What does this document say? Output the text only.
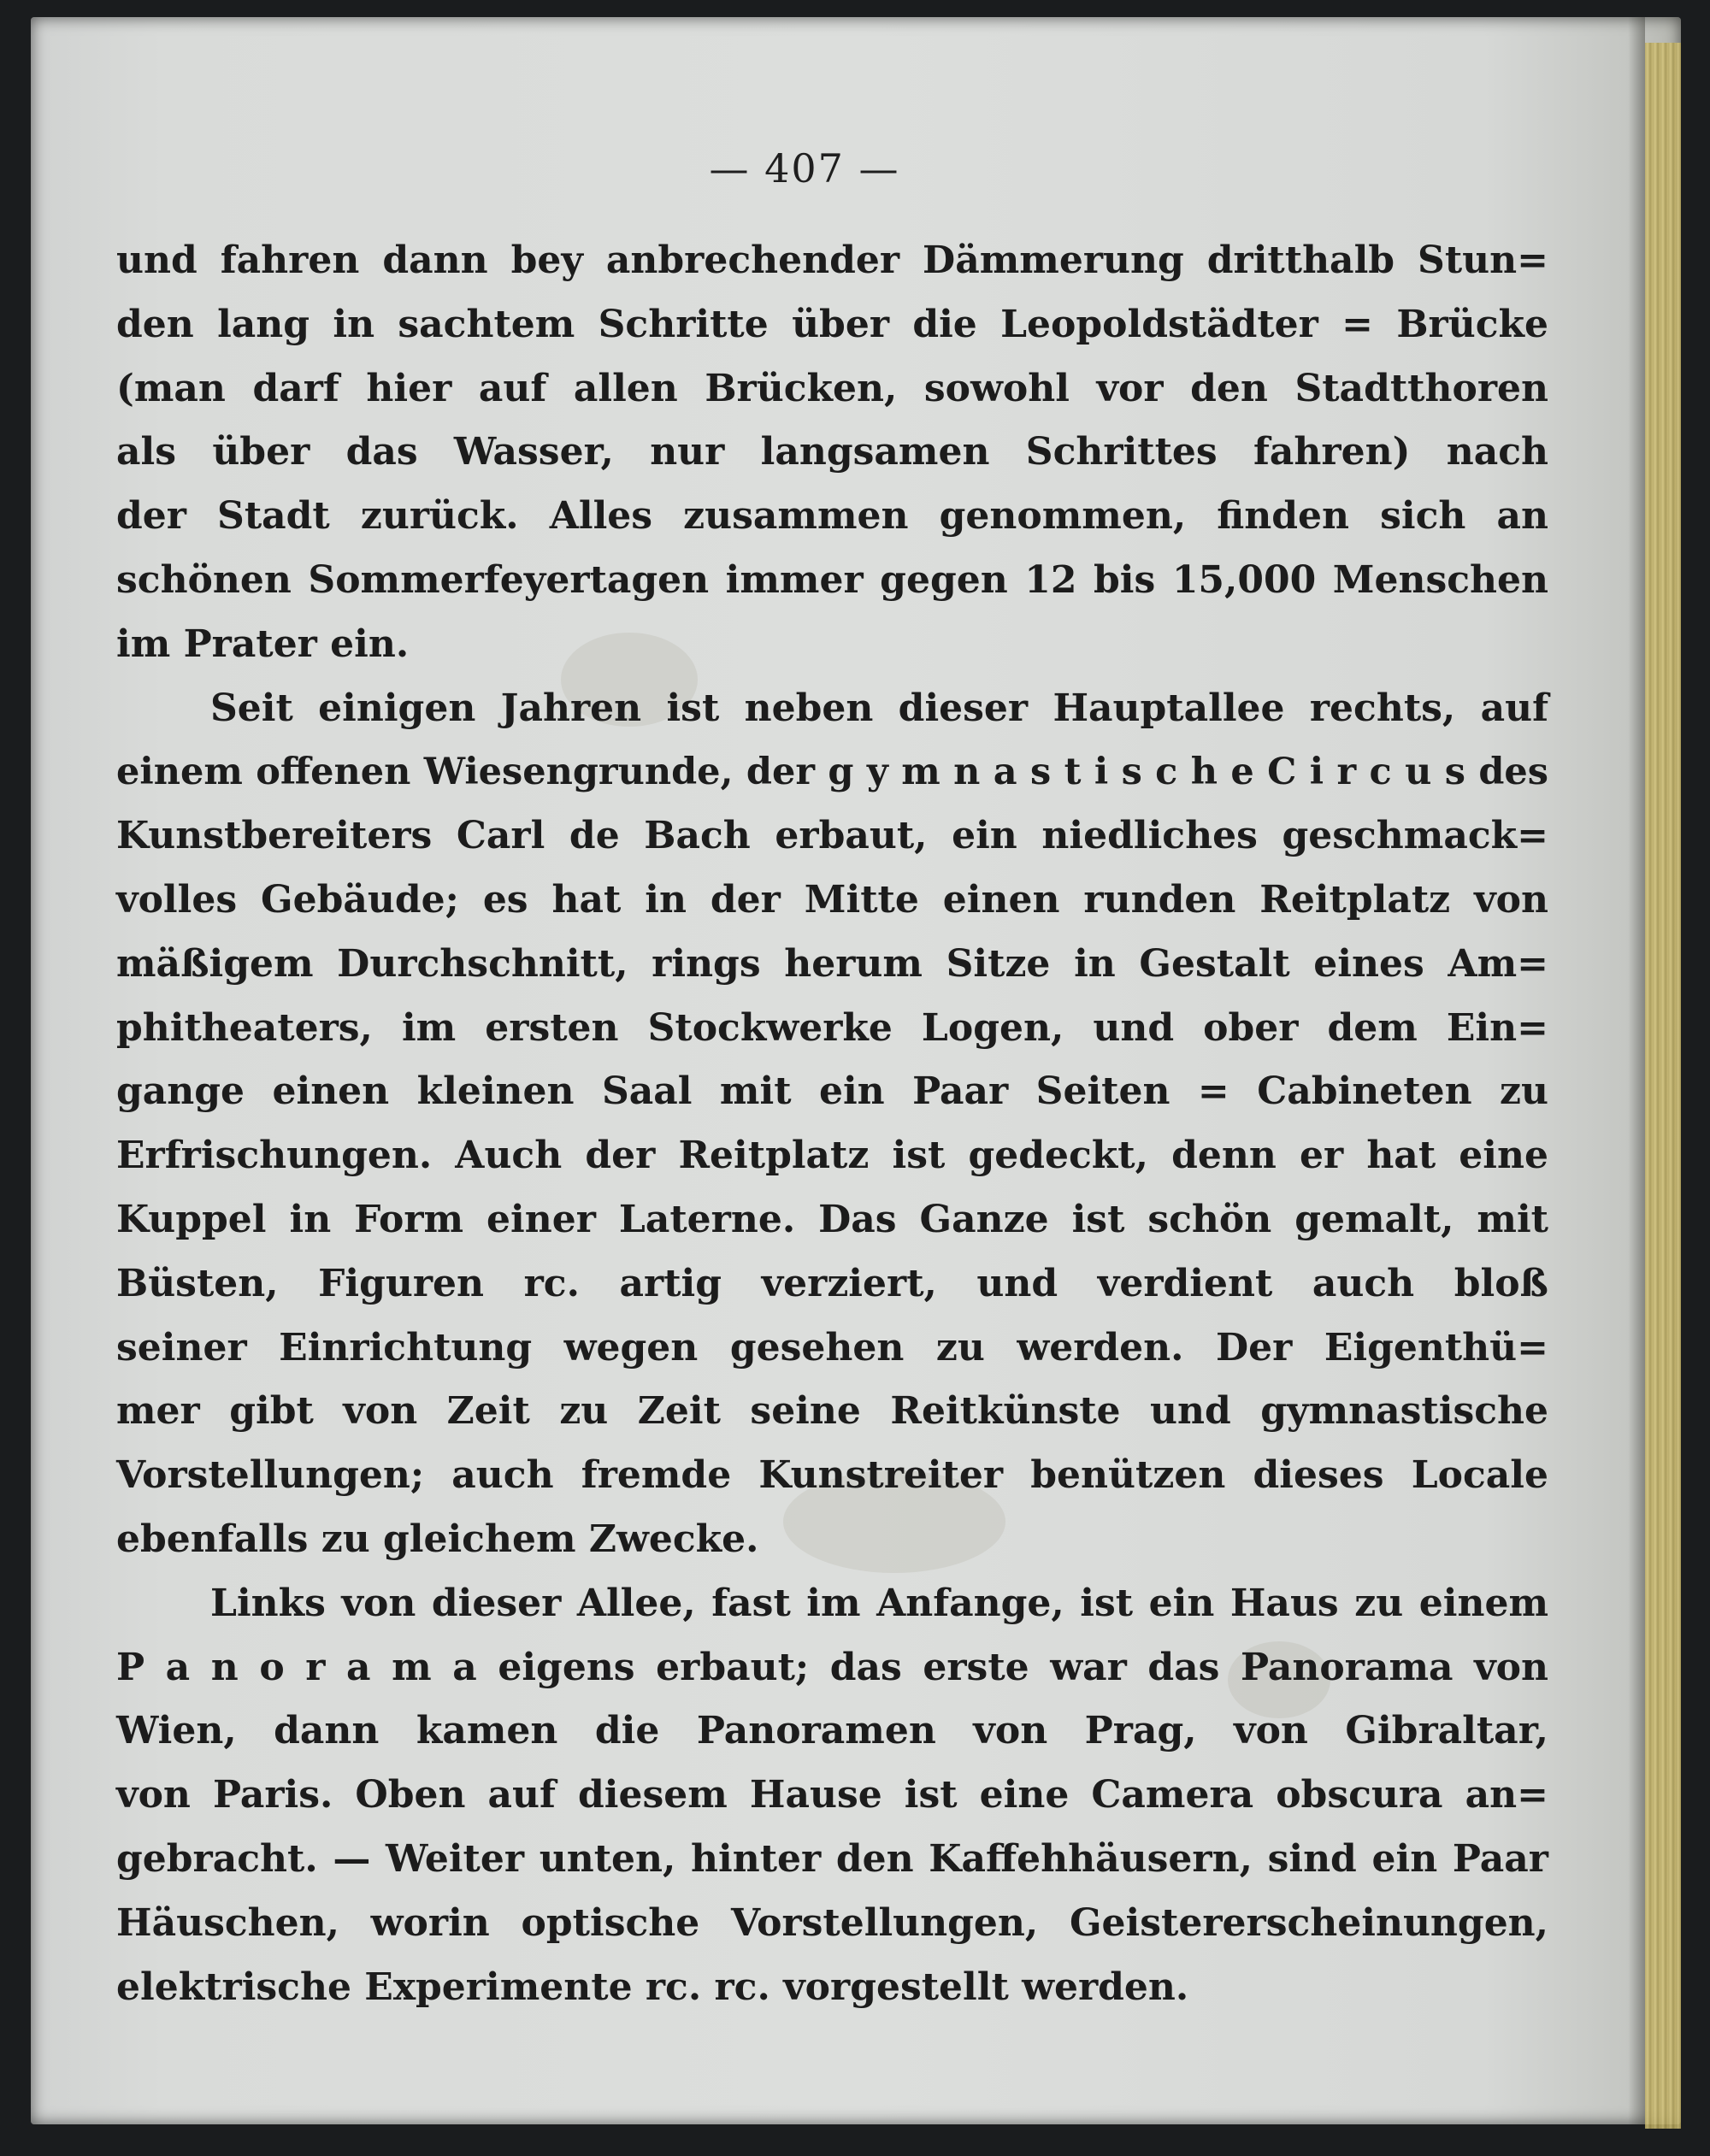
— 407 —
und fahren dann bey anbrechender Dämmerung dritthalb Stun=
den lang in sachtem Schritte über die Leopoldstädter = Brücke
(man darf hier auf allen Brücken, sowohl vor den Stadtthoren
als über das Wasser, nur langsamen Schrittes fahren) nach
der Stadt zurück. Alles zusammen genommen, finden sich an
schönen Sommerfeyertagen immer gegen 12 bis 15,000 Menschen
im Prater ein.
Seit einigen Jahren ist neben dieser Hauptallee rechts, auf
einem offenen Wiesengrunde, der g y m n a s t i s c h e C i r c u s des
Kunstbereiters Carl de Bach erbaut, ein niedliches geschmack=
volles Gebäude; es hat in der Mitte einen runden Reitplatz von
mäßigem Durchschnitt, rings herum Sitze in Gestalt eines Am=
phitheaters, im ersten Stockwerke Logen, und ober dem Ein=
gange einen kleinen Saal mit ein Paar Seiten = Cabineten zu
Erfrischungen. Auch der Reitplatz ist gedeckt, denn er hat eine
Kuppel in Form einer Laterne. Das Ganze ist schön gemalt, mit
Büsten, Figuren rc. artig verziert, und verdient auch bloß
seiner Einrichtung wegen gesehen zu werden. Der Eigenthü=
mer gibt von Zeit zu Zeit seine Reitkünste und gymnastische
Vorstellungen; auch fremde Kunstreiter benützen dieses Locale
ebenfalls zu gleichem Zwecke.
Links von dieser Allee, fast im Anfange, ist ein Haus zu einem
P a n o r a m a eigens erbaut; das erste war das Panorama von
Wien, dann kamen die Panoramen von Prag, von Gibraltar,
von Paris. Oben auf diesem Hause ist eine Camera obscura an=
gebracht. — Weiter unten, hinter den Kaffehhäusern, sind ein Paar
Häuschen, worin optische Vorstellungen, Geistererscheinungen,
elektrische Experimente rc. rc. vorgestellt werden.
